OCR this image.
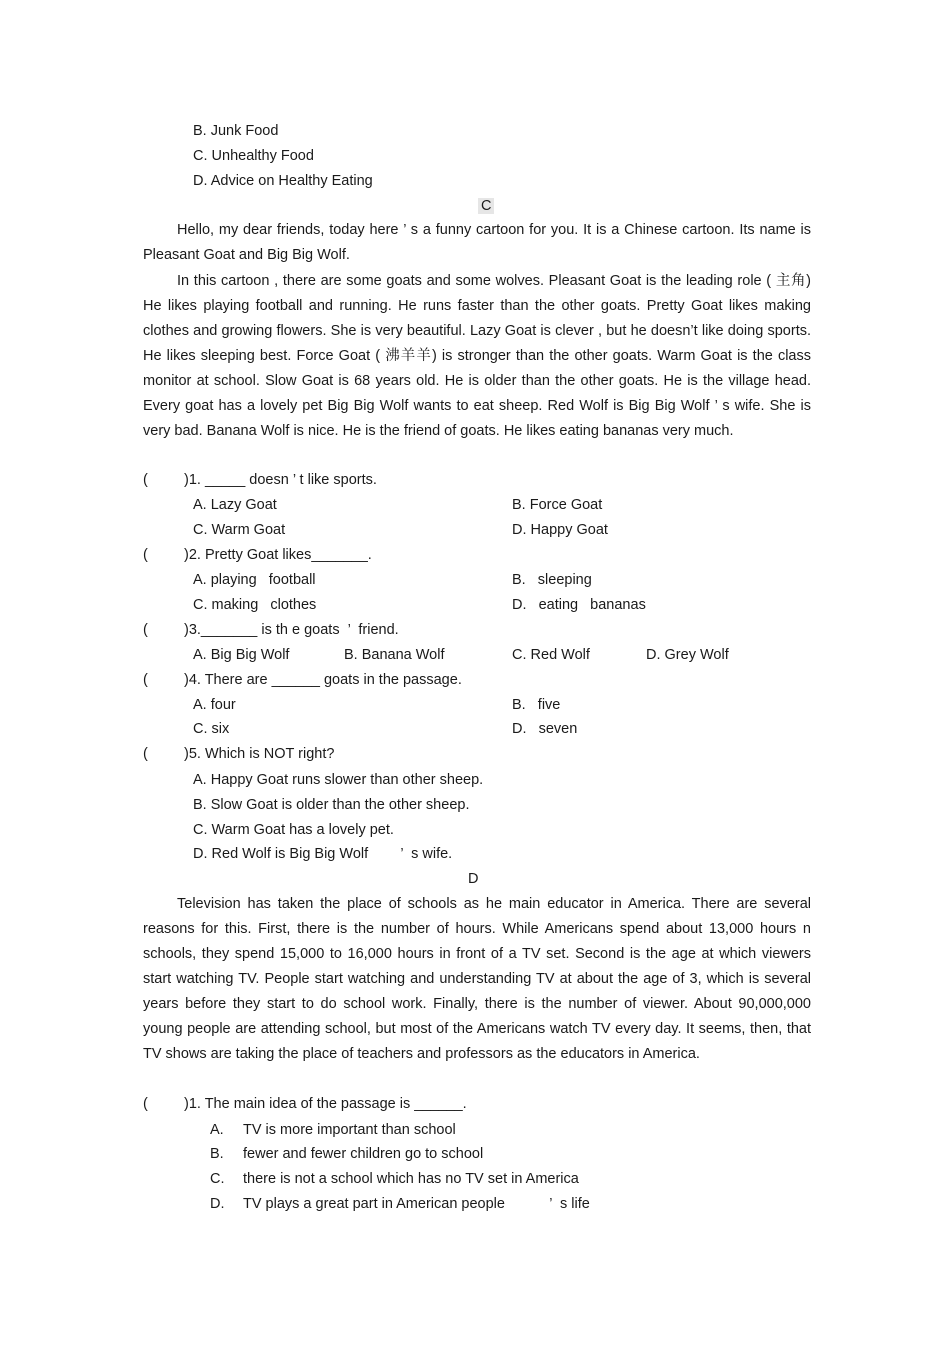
B. Junk Food
C. Unhealthy Food
D. Advice on Healthy Eating
C

Hello, my dear friends, today here ’ s a funny cartoon for you. It is a Chinese cartoon. Its name is Pleasant Goat and Big Big Wolf.

In this cartoon , there are some goats and some wolves. Pleasant Goat is the leading role ( 主角) He likes playing football and running. He runs faster than the other goats. Pretty Goat likes making clothes and growing flowers. She is very beautiful. Lazy Goat is clever , but he doesn’t like doing sports. He likes sleeping best. Force Goat ( 沸羊羊) is stronger than the other goats. Warm Goat is the class monitor at school. Slow Goat is 68 years old. He is older than the other goats. He is the village head. Every goat has a lovely pet Big Big Wolf wants to eat sheep. Red Wolf is Big Big Wolf ’ s wife. She is very bad. Banana Wolf is nice. He is the friend of goats. He likes eating bananas very much.

( )1. _____ doesn ’ t like sports.
A. Lazy Goat	B. Force Goat
C. Warm Goat	D. Happy Goat
( )2. Pretty Goat likes_______.
A. playing   football	B.   sleeping
C. making   clothes	D.   eating   bananas
( )3._______ is th e goats  ’  friend.
A. Big Big Wolf	B. Banana Wolf	C. Red Wolf	D. Grey Wolf
( )4. There are ______ goats in the passage.
A. four	B.   five
C. six	D.   seven
( )5. Which is NOT right?
A. Happy Goat runs slower than other sheep.
B. Slow Goat is older than the other sheep.
C. Warm Goat has a lovely pet.
D. Red Wolf is Big Big Wolf        ’  s wife.
D

Television has taken the place of schools as he main educator in America. There are several reasons for this. First, there is the number of hours. While Americans spend about 13,000 hours n schools, they spend 15,000 to 16,000 hours in front of a TV set. Second is the age at which viewers start watching TV. People start watching and understanding TV at about the age of 3, which is several years before they start to do school work. Finally, there is the number of viewer. About 90,000,000 young people are attending school, but most of the Americans watch TV every day. It seems, then, that TV shows are taking the place of teachers and professors as the educators in America.

( )1. The main idea of the passage is ______.
A. TV is more important than school
B. fewer and fewer children go to school
C. there is not a school which has no TV set in America
D. TV plays a great part in American people           ’  s life
